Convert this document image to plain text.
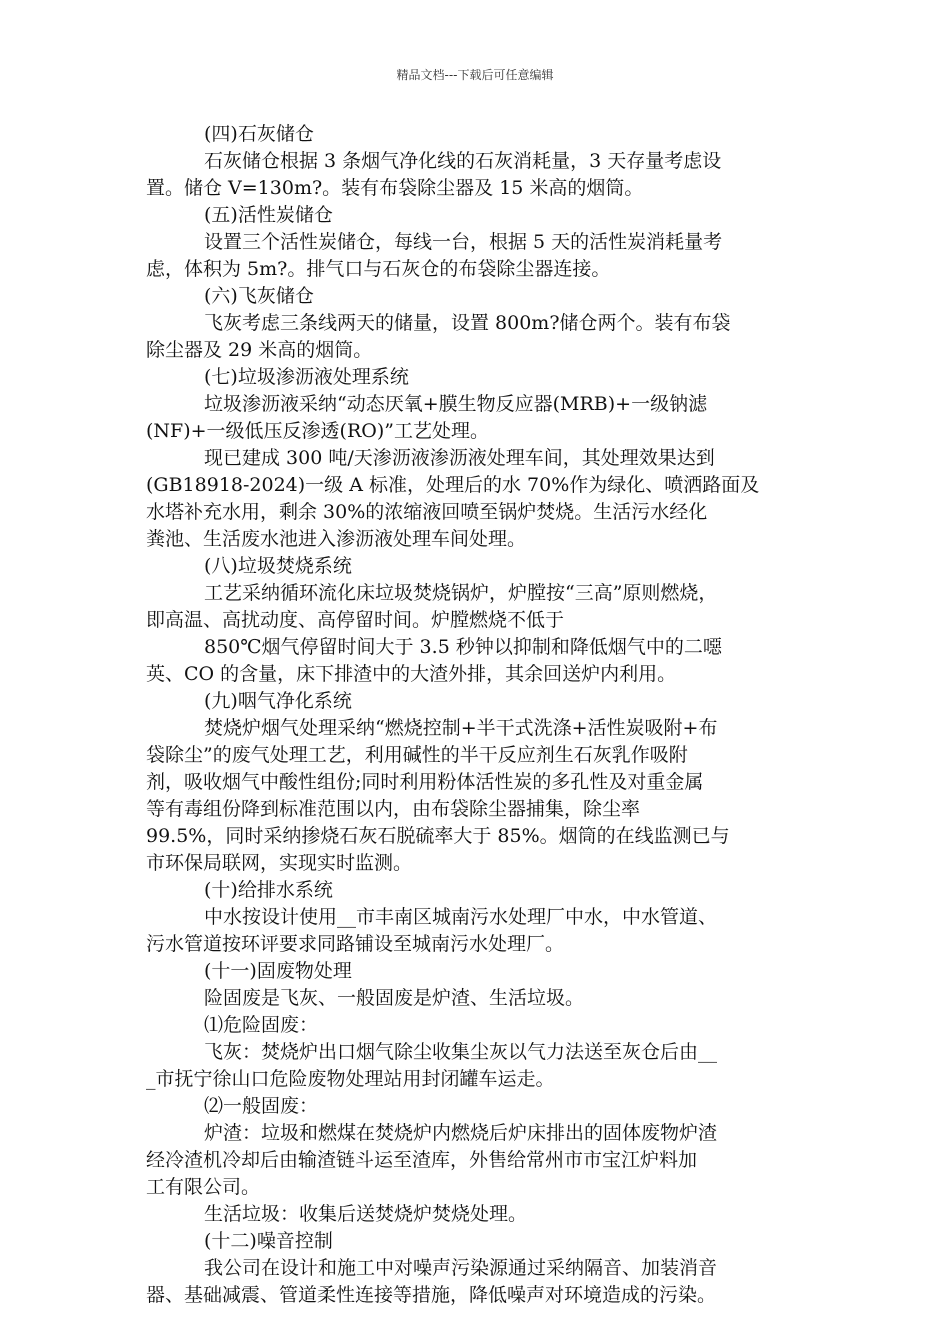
精品文档---下载后可任意编辑

(四)石灰储仓

石灰储仓根据 3 条烟气净化线的石灰消耗量，3 天存量考虑设

置。储仓 V=130m?。装有布袋除尘器及 15 米高的烟筒。

(五)活性炭储仓

设置三个活性炭储仓，每线一台，根据 5 天的活性炭消耗量考

虑，体积为 5m?。排气口与石灰仓的布袋除尘器连接。

(六)飞灰储仓

飞灰考虑三条线两天的储量，设置 800m?储仓两个。装有布袋

除尘器及 29 米高的烟筒。

(七)垃圾渗沥液处理系统

垃圾渗沥液采纳“动态厌氧+膜生物反应器(MRB)+一级钠滤

(NF)+一级低压反渗透(RO)”工艺处理。

现已建成 300 吨/天渗沥液渗沥液处理车间，其处理效果达到

(GB18918-2024)一级 A 标准，处理后的水 70%作为绿化、喷洒路面及

水塔补充水用，剩余 30%的浓缩液回喷至锅炉焚烧。生活污水经化

粪池、生活废水池进入渗沥液处理车间处理。

(八)垃圾焚烧系统

工艺采纳循环流化床垃圾焚烧锅炉，炉膛按“三高”原则燃烧，

即高温、高扰动度、高停留时间。炉膛燃烧不低于

850℃烟气停留时间大于 3.5 秒钟以抑制和降低烟气中的二噁

英、CO 的含量，床下排渣中的大渣外排，其余回送炉内利用。

(九)咽气净化系统

焚烧炉烟气处理采纳“燃烧控制+半干式洗涤+活性炭吸附+布

袋除尘”的废气处理工艺，利用碱性的半干反应剂生石灰乳作吸附

剂，吸收烟气中酸性组份;同时利用粉体活性炭的多孔性及对重金属

等有毒组份降到标准范围以内，由布袋除尘器捕集，除尘率

99.5%，同时采纳掺烧石灰石脱硫率大于 85%。烟筒的在线监测已与

市环保局联网，实现实时监测。

(十)给排水系统

中水按设计使用__市丰南区城南污水处理厂中水，中水管道、

污水管道按环评要求同路铺设至城南污水处理厂。

(十一)固废物处理

险固废是飞灰、一般固废是炉渣、生活垃圾。

⑴危险固废：

飞灰：焚烧炉出口烟气除尘收集尘灰以气力法送至灰仓后由__

_市抚宁徐山口危险废物处理站用封闭罐车运走。

⑵一般固废：

炉渣：垃圾和燃煤在焚烧炉内燃烧后炉床排出的固体废物炉渣

经冷渣机冷却后由输渣链斗运至渣库，外售给常州市市宝江炉料加

工有限公司。

生活垃圾：收集后送焚烧炉焚烧处理。

(十二)噪音控制

我公司在设计和施工中对噪声污染源通过采纳隔音、加装消音

器、基础减震、管道柔性连接等措施，降低噪声对环境造成的污染。
